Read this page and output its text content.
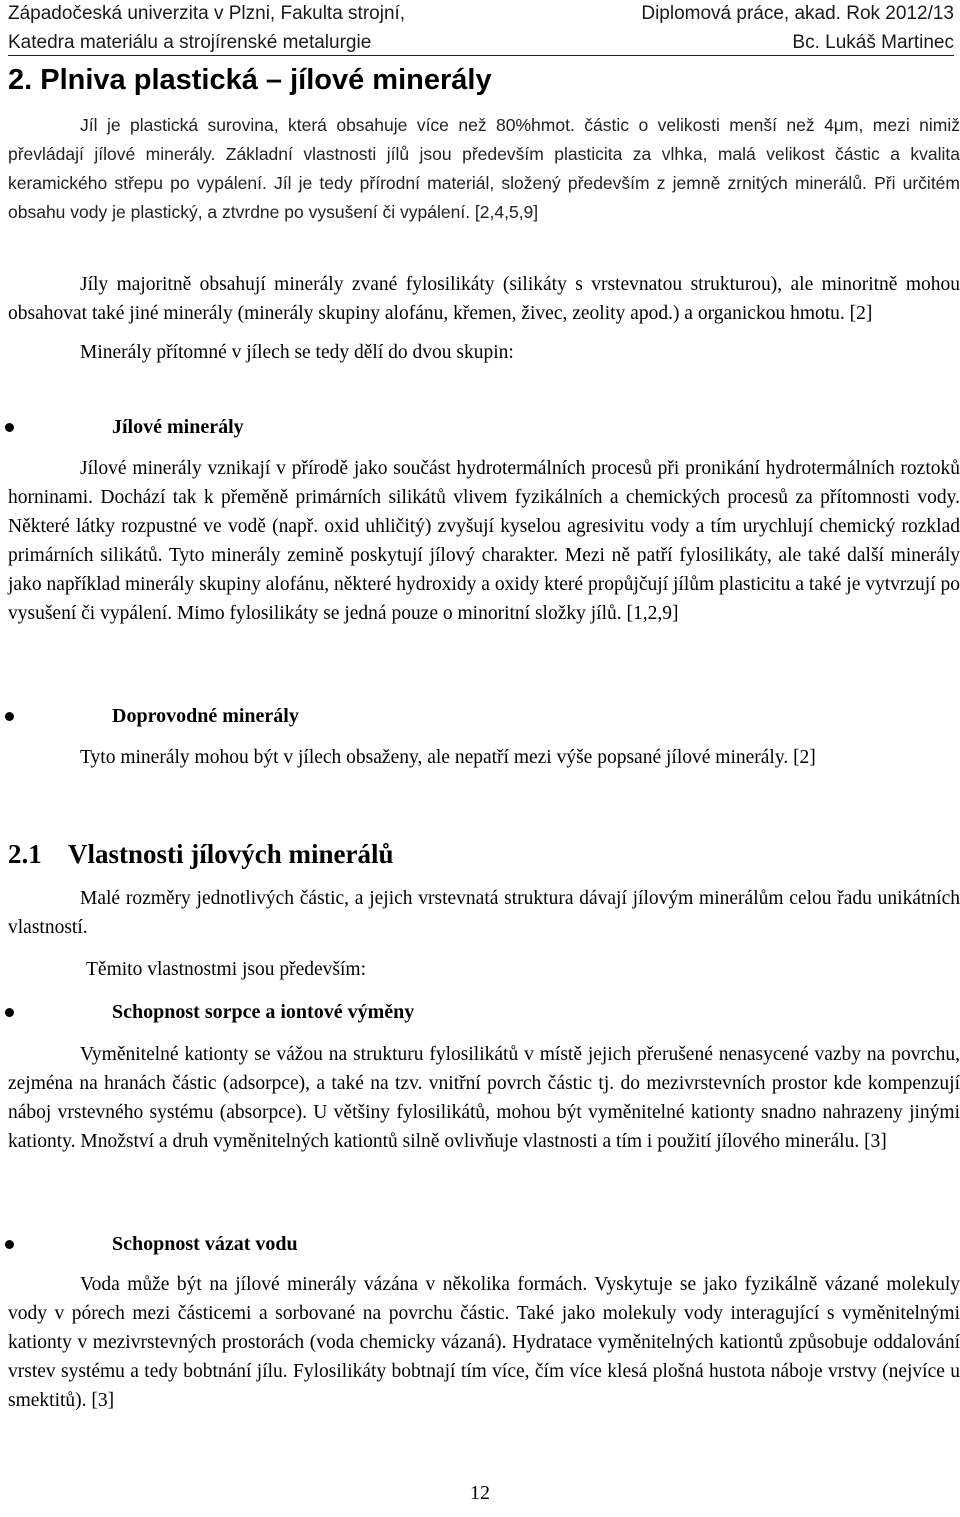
Západočeská univerzita v Plzni, Fakulta strojní,	Diplomová práce, akad. Rok 2012/13
Katedra materiálu a strojírenské metalurgie	Bc. Lukáš Martinec
2. Plniva plastická – jílové minerály

Jíl je plastická surovina, která obsahuje více než 80%hmot. částic o velikosti menší než 4μm, mezi nimiž převládají jílové minerály. Základní vlastnosti jílů jsou především plasticita za vlhka, malá velikost částic a kvalita keramického střepu po vypálení. Jíl je tedy přírodní materiál, složený především z jemně zrnitých minerálů. Při určitém obsahu vody je plastický, a ztvrdne po vysušení či vypálení. [2,4,5,9]

Jíly majoritně obsahují minerály zvané fylosilikáty (silikáty s vrstevnatou strukturou), ale minoritně mohou obsahovat také jiné minerály (minerály skupiny alofánu, křemen, živec, zeolity apod.) a organickou hmotu. [2]

Minerály přítomné v jílech se tedy dělí do dvou skupin:

Jílové minerály

Jílové minerály vznikají v přírodě jako součást hydrotermálních procesů při pronikání hydrotermálních roztoků horninami. Dochází tak k přeměně primárních silikátů vlivem fyzikálních a chemických procesů za přítomnosti vody. Některé látky rozpustné ve vodě (např. oxid uhličitý) zvyšují kyselou agresivitu vody a tím urychlují chemický rozklad primárních silikátů. Tyto minerály zemině poskytují jílový charakter. Mezi ně patří fylosilikáty, ale také další minerály jako například minerály skupiny alofánu, některé hydroxidy a oxidy které propůjčují jílům plasticitu a také je vytvrzují po vysušení či vypálení. Mimo fylosilikáty se jedná pouze o minoritní složky jílů. [1,2,9]

Doprovodné minerály

Tyto minerály mohou být v jílech obsaženy, ale nepatří mezi výše popsané jílové minerály. [2]

2.1 Vlastnosti jílových minerálů

Malé rozměry jednotlivých částic, a jejich vrstevnatá struktura dávají jílovým minerálům celou řadu unikátních vlastností.

Těmito vlastnostmi jsou především:

Schopnost sorpce a iontové výměny

Vyměnitelné kationty se vážou na strukturu fylosilikátů v místě jejich přerušené nenasycené vazby na povrchu, zejména na hranách částic (adsorpce), a také na tzv. vnitřní povrch částic tj. do mezivrstevních prostor kde kompenzují náboj vrstevného systému (absorpce). U většiny fylosilikátů, mohou být vyměnitelné kationty snadno nahrazeny jinými kationty. Množství a druh vyměnitelných kationtů silně ovlivňuje vlastnosti a tím i použití jílového minerálu. [3]

Schopnost vázat vodu

Voda může být na jílové minerály vázána v několika formách. Vyskytuje se jako fyzikálně vázané molekuly vody v pórech mezi částicemi a sorbované na povrchu částic. Také jako molekuly vody interagující s vyměnitelnými kationty v mezivrstevných prostorách (voda chemicky vázaná). Hydratace vyměnitelných kationtů způsobuje oddalování vrstev systému a tedy bobtnání jílu. Fylosilikáty bobtnají tím více, čím více klesá plošná hustota náboje vrstvy (nejvíce u smektitů). [3]

12
